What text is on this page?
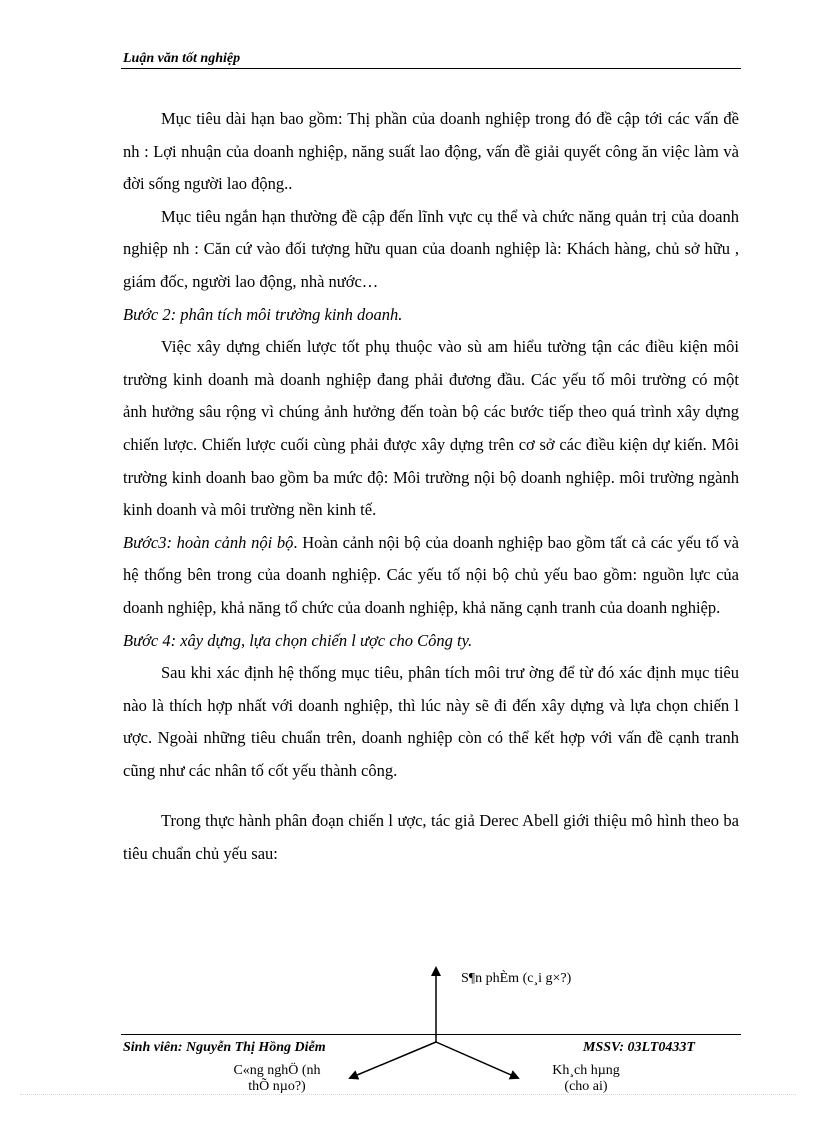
Luận văn tốt nghiệp

Mục tiêu dài hạn bao gồm: Thị phần của doanh nghiệp trong đó đề cập tới các vấn đề nh : Lợi nhuận của doanh nghiệp, năng suất lao động, vấn đề giải quyết công ăn việc làm và đời sống người lao động..

Mục tiêu ngắn hạn thường đề cập đến lĩnh vực cụ thể và chức năng quản trị của doanh nghiệp nh : Căn cứ vào đối tượng hữu quan của doanh nghiệp là: Khách hàng, chủ sở hữu , giám đốc, người lao động, nhà nước…

Bước 2: phân tích môi trường kinh doanh.

Việc xây dựng chiến lược tốt phụ thuộc vào sù am hiểu tường tận các điều kiện môi trường kinh doanh mà doanh nghiệp đang phải đương đầu. Các yếu tố môi trường có một ảnh hưởng sâu rộng vì chúng ảnh hưởng đến toàn bộ các bước tiếp theo quá trình xây dựng chiến lược. Chiến lược cuối cùng phải được xây dựng trên cơ sở các điều kiện dự kiến. Môi trường kinh doanh bao gồm ba mức độ: Môi trường nội bộ doanh nghiệp. môi trường ngành kinh doanh và môi trường nền kinh tế.

Bước3: hoàn cảnh nội bộ. Hoàn cảnh nội bộ của doanh nghiệp bao gồm tất cả các yếu tố và hệ thống bên trong của doanh nghiệp. Các yếu tố nội bộ chủ yếu bao gồm: nguồn lực của doanh nghiệp, khả năng tổ chức của doanh nghiệp, khả năng cạnh tranh của doanh nghiệp.

Bước 4: xây dựng, lựa chọn chiến l ược cho Công ty.

Sau khi xác định hệ thống mục tiêu, phân tích môi trư ờng để từ đó xác định mục tiêu nào là thích hợp nhất với doanh nghiệp, thì lúc này sẽ đi đến xây dựng và lựa chọn chiến l ược. Ngoài những tiêu chuẩn trên, doanh nghiệp còn có thể kết hợp với vấn đề cạnh tranh cũng như các nhân tố cốt yếu thành công.

Trong thực hành phân đoạn chiến l ược, tác giả Derec Abell giới thiệu mô hình theo ba tiêu chuẩn chủ yếu sau:

S¶n phÈm (c¸i g×?)
C«ng nghÖ (nh
thÕ nµo?)
Kh¸ch hµng
(cho ai)
Sinh viên: Nguyễn Thị Hồng Diễm	MSSV: 03LT0433T
